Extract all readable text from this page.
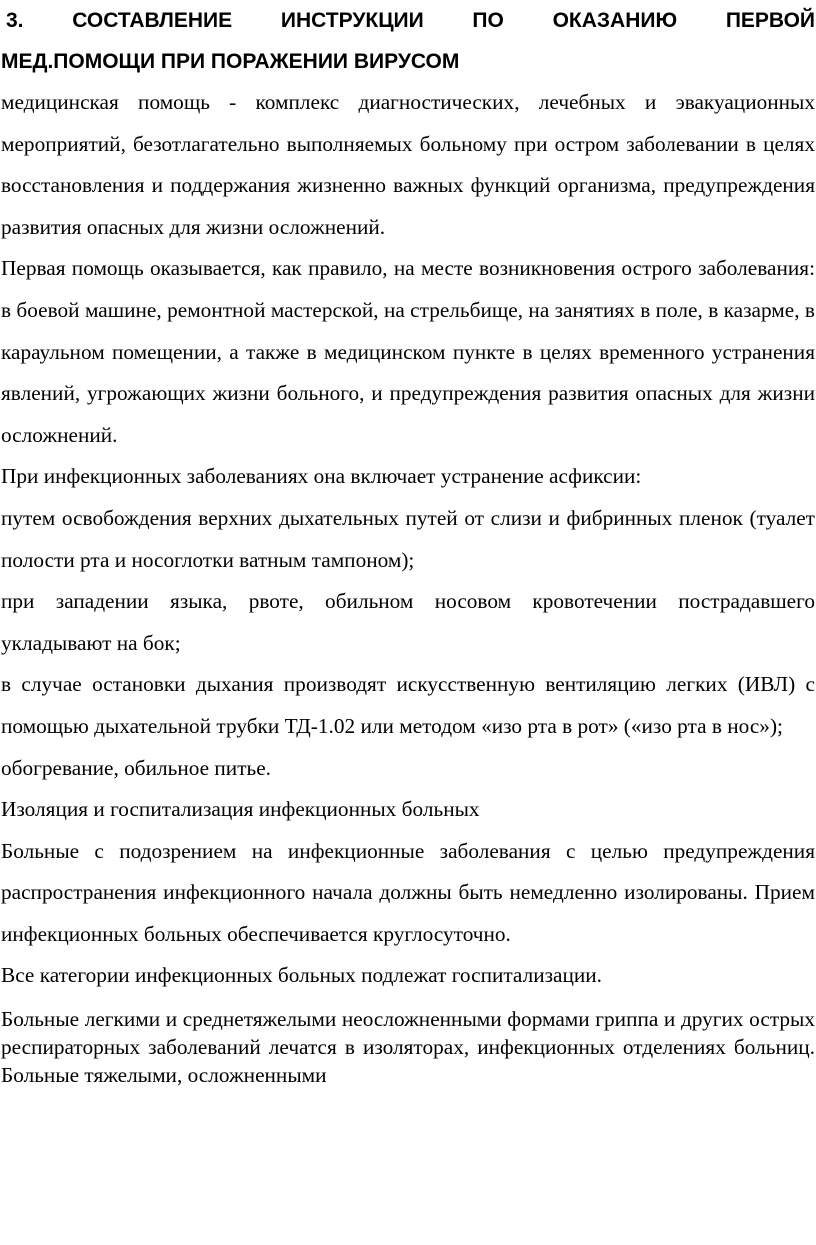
3. СОСТАВЛЕНИЕ ИНСТРУКЦИИ ПО ОКАЗАНИЮ ПЕРВОЙ
МЕД.ПОМОЩИ ПРИ ПОРАЖЕНИИ ВИРУСОМ

медицинская помощь - комплекс диагностических, лечебных и эвакуационных мероприятий, безотлагательно выполняемых больному при остром заболевании в целях восстановления и поддержания жизненно важных функций организма, предупреждения развития опасных для жизни осложнений.

Первая помощь оказывается, как правило, на месте возникновения острого заболевания: в боевой машине, ремонтной мастерской, на стрельбище, на занятиях в поле, в казарме, в караульном помещении, а также в медицинском пункте в целях временного устранения явлений, угрожающих жизни больного, и предупреждения развития опасных для жизни осложнений.

При инфекционных заболеваниях она включает устранение асфиксии:

путем освобождения верхних дыхательных путей от слизи и фибринных пленок (туалет полости рта и носоглотки ватным тампоном);

при западении языка, рвоте, обильном носовом кровотечении пострадавшего укладывают на бок;

в случае остановки дыхания производят искусственную вентиляцию легких (ИВЛ) с помощью дыхательной трубки ТД-1.02 или методом «изо рта в рот» («изо рта в нос»);

обогревание, обильное питье.

Изоляция и госпитализация инфекционных больных

Больные с подозрением на инфекционные заболевания с целью предупреждения распространения инфекционного начала должны быть немедленно изолированы. Прием инфекционных больных обеспечивается круглосуточно.

Все категории инфекционных больных подлежат госпитализации.

Больные легкими и среднетяжелыми неосложненными формами гриппа и других острых респираторных заболеваний лечатся в изоляторах, инфекционных отделениях больниц. Больные тяжелыми, осложненными
